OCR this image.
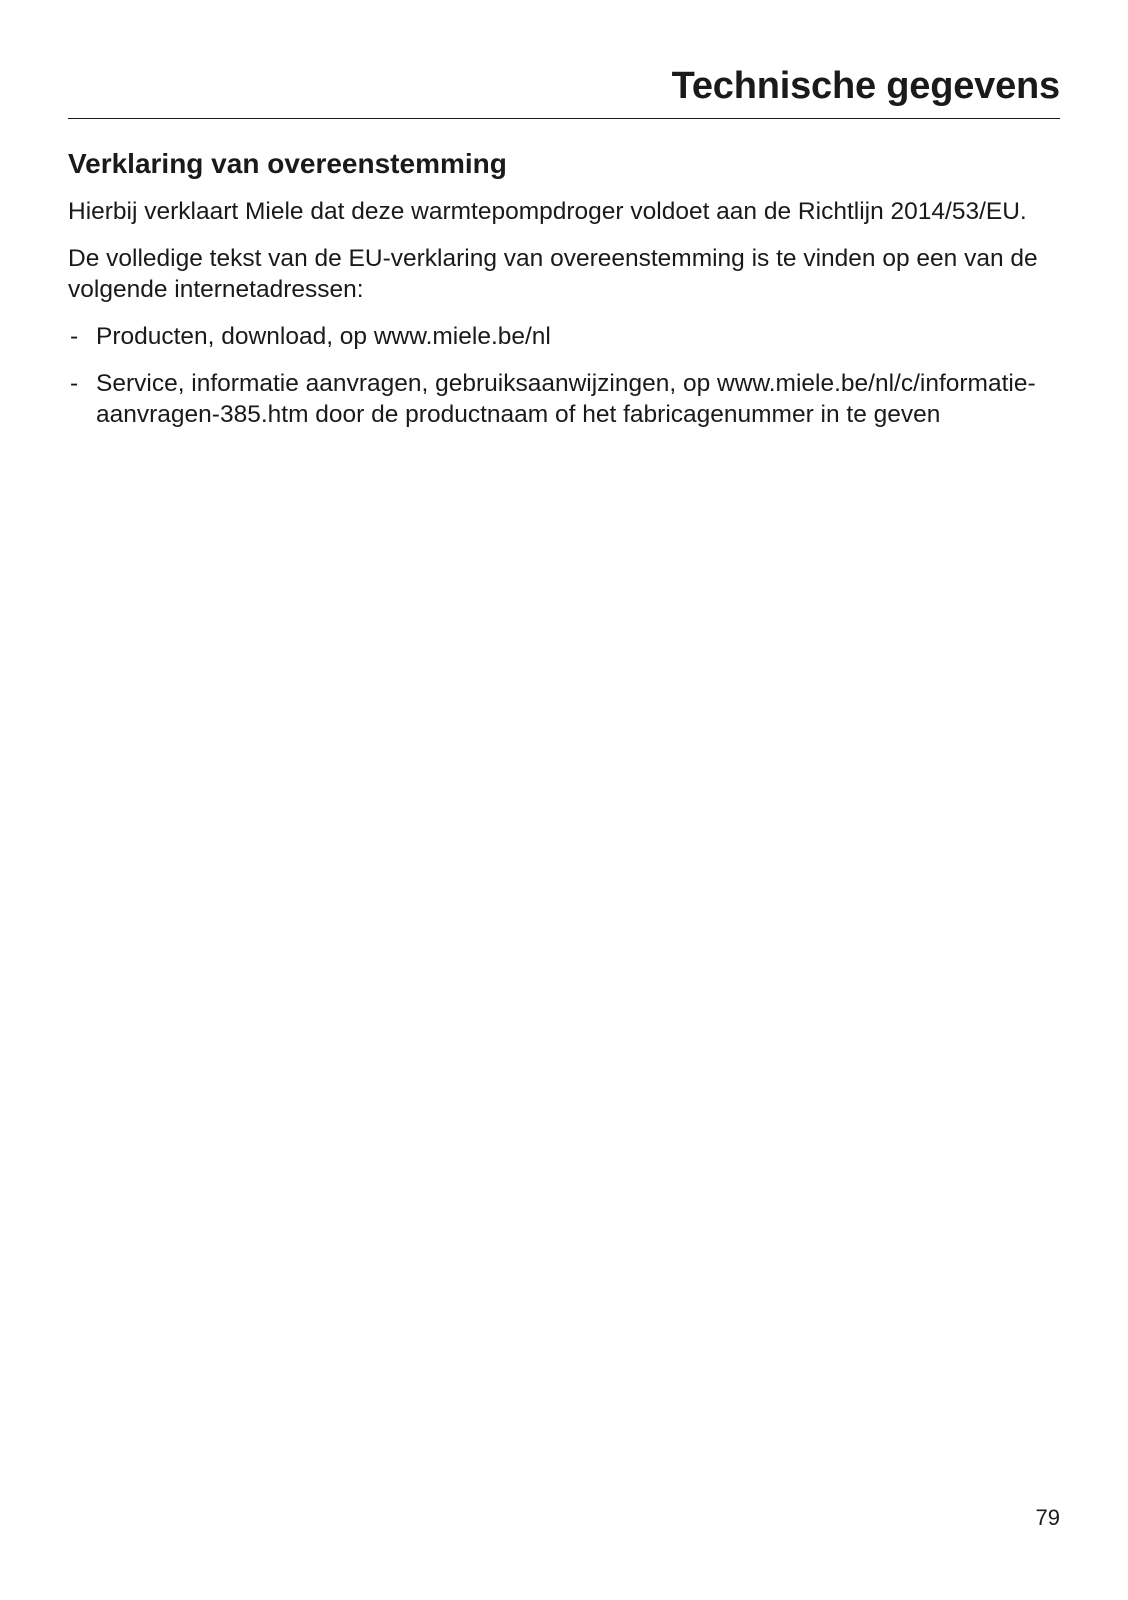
Technische gegevens
Verklaring van overeenstemming

Hierbij verklaart Miele dat deze warmtepompdroger voldoet aan de Richtlijn 2014/53/EU.

De volledige tekst van de EU-verklaring van overeenstemming is te vinden op een van de volgende internetadressen:

- Producten, download, op www.miele.be/nl
- Service, informatie aanvragen, gebruiksaanwijzingen, op www.miele.be/nl/c/informatie-aanvragen-385.htm door de productnaam of het fabricagenummer in te geven
79
